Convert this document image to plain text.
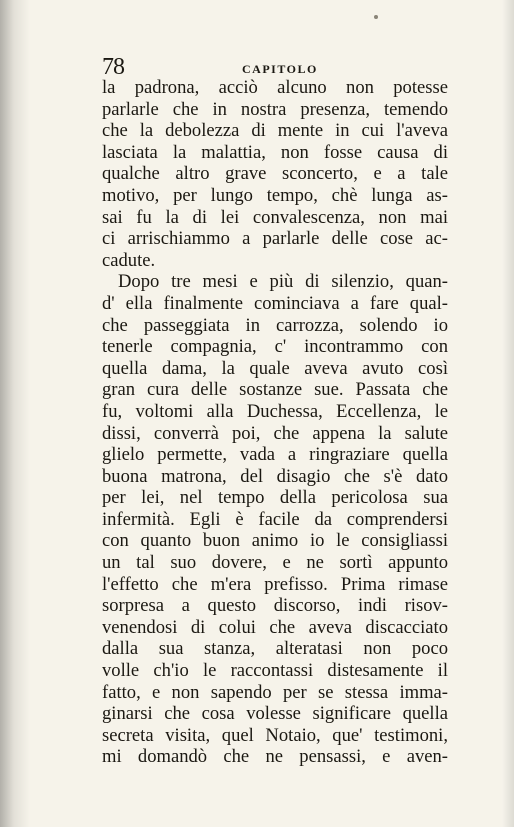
78	CAPITOLO
la padrona, acciò alcuno non potesse
parlarle che in nostra presenza, temendo
che la debolezza di mente in cui l'aveva
lasciata la malattia, non fosse causa di
qualche altro grave sconcerto, e a tale
motivo, per lungo tempo, chè lunga as-
sai fu la di lei convalescenza, non mai
ci arrischiammo a parlarle delle cose ac-
cadute.
Dopo tre mesi e più di silenzio, quan-
d' ella finalmente cominciava a fare qual-
che passeggiata in carrozza, solendo io
tenerle compagnia, c' incontrammo con
quella dama, la quale aveva avuto così
gran cura delle sostanze sue. Passata che
fu, voltomi alla Duchessa, Eccellenza, le
dissi, converrà poi, che appena la salute
glielo permette, vada a ringraziare quella
buona matrona, del disagio che s'è dato
per lei, nel tempo della pericolosa sua
infermità. Egli è facile da comprendersi
con quanto buon animo io le consigliassi
un tal suo dovere, e ne sortì appunto
l'effetto che m'era prefisso. Prima rimase
sorpresa a questo discorso, indi risov-
venendosi di colui che aveva discacciato
dalla sua stanza, alteratasi non poco
volle ch'io le raccontassi distesamente il
fatto, e non sapendo per se stessa imma-
ginarsi che cosa volesse significare quella
secreta visita, quel Notaio, que' testimoni,
mi domandò che ne pensassi, e aven-
